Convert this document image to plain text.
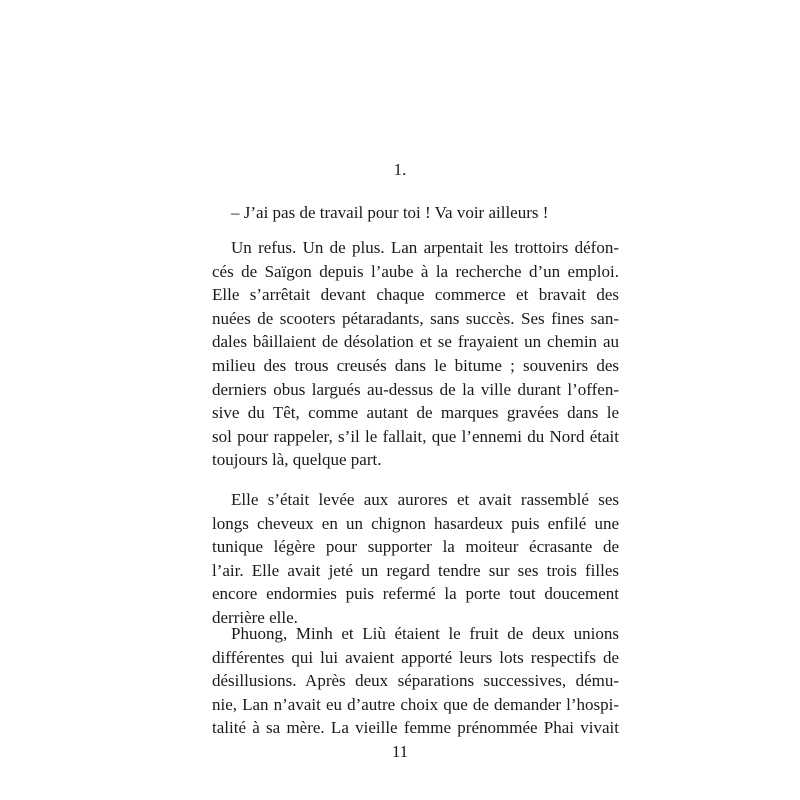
1.
– J’ai pas de travail pour toi ! Va voir ailleurs !
Un refus. Un de plus. Lan arpentait les trottoirs défon-
cés de Saïgon depuis l’aube à la recherche d’un emploi.
Elle s’arrêtait devant chaque commerce et bravait des
nuées de scooters pétaradants, sans succès. Ses fines san-
dales bâillaient de désolation et se frayaient un chemin au
milieu des trous creusés dans le bitume ; souvenirs des
derniers obus largués au-dessus de la ville durant l’offen-
sive du Têt, comme autant de marques gravées dans le
sol pour rappeler, s’il le fallait, que l’ennemi du Nord était
toujours là, quelque part.
Elle s’était levée aux aurores et avait rassemblé ses
longs cheveux en un chignon hasardeux puis enfilé une
tunique légère pour supporter la moiteur écrasante de
l’air. Elle avait jeté un regard tendre sur ses trois filles
encore endormies puis refermé la porte tout doucement
derrière elle.
Phuong, Minh et Liù étaient le fruit de deux unions
différentes qui lui avaient apporté leurs lots respectifs de
désillusions. Après deux séparations successives, dému-
nie, Lan n’avait eu d’autre choix que de demander l’hospi-
talité à sa mère. La vieille femme prénommée Phai vivait
11
